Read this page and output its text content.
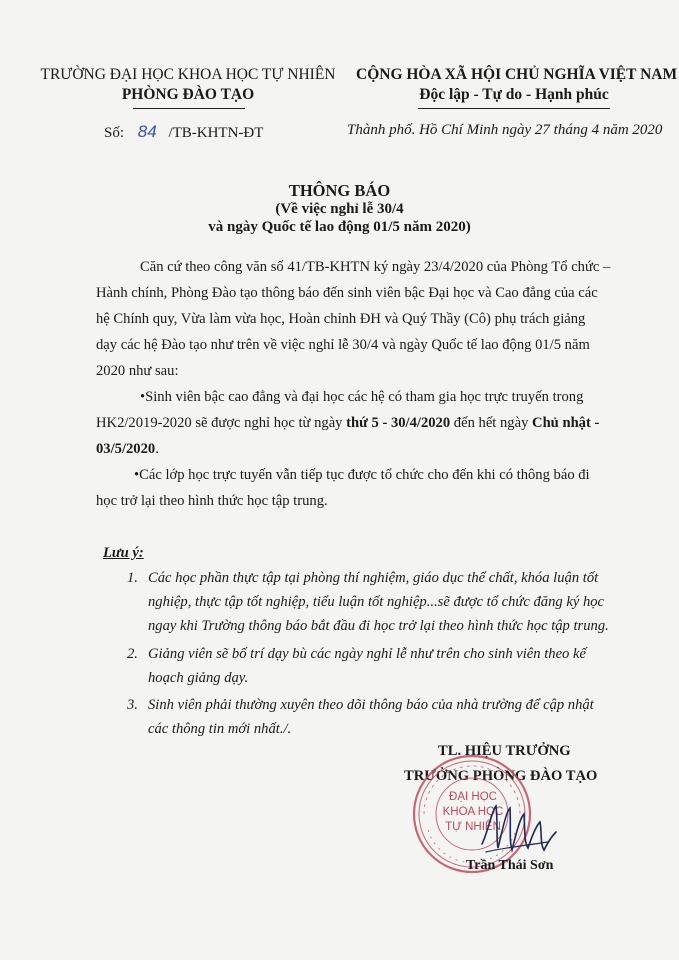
TRƯỜNG ĐẠI HỌC KHOA HỌC TỰ NHIÊN
PHÒNG ĐÀO TẠO
Số: 84 /TB-KHTN-ĐT
CỘNG HÒA XÃ HỘI CHỦ NGHĨA VIỆT NAM
Độc lập - Tự do - Hạnh phúc
Thành phố. Hồ Chí Minh ngày 27 tháng 4 năm 2020
THÔNG BÁO
(Về việc nghỉ lễ 30/4
và ngày Quốc tế lao động 01/5 năm 2020)
Căn cứ theo công văn số 41/TB-KHTN ký ngày 23/4/2020 của Phòng Tổ chức –
Hành chính, Phòng Đào tạo thông báo đến sinh viên bậc Đại học và Cao đẳng của các
hệ Chính quy, Vừa làm vừa học, Hoàn chỉnh ĐH và Quý Thầy (Cô) phụ trách giảng
dạy các hệ Đào tạo như trên về việc nghỉ lễ 30/4 và ngày Quốc tế lao động 01/5 năm
2020 như sau:
•Sinh viên bậc cao đẳng và đại học các hệ có tham gia học trực truyến trong
HK2/2019-2020 sẽ được nghỉ học từ ngày thứ 5 - 30/4/2020 đến hết ngày Chủ nhật -
03/5/2020.
•Các lớp học trực tuyến vẫn tiếp tục được tổ chức cho đến khi có thông báo đi
học trở lại theo hình thức học tập trung.
Lưu ý:
1. Các học phần thực tập tại phòng thí nghiệm, giáo dục thể chất, khóa luận tốt
nghiệp, thực tập tốt nghiệp, tiểu luận tốt nghiệp...sẽ được tổ chức đăng ký học
ngay khi Trường thông báo bắt đầu đi học trở lại theo hình thức học tập trung.
2. Giảng viên sẽ bố trí dạy bù các ngày nghỉ lễ như trên cho sinh viên theo kế
hoạch giảng dạy.
3. Sinh viên phải thường xuyên theo dõi thông báo của nhà trường để cập nhật
các thông tin mới nhất./.
TL. HIỆU TRƯỞNG
TRƯỞNG PHÒNG ĐÀO TẠO
ĐẠI HỌC
KHOA HỌC
TỰ NHIÊN
Trần Thái Sơn
